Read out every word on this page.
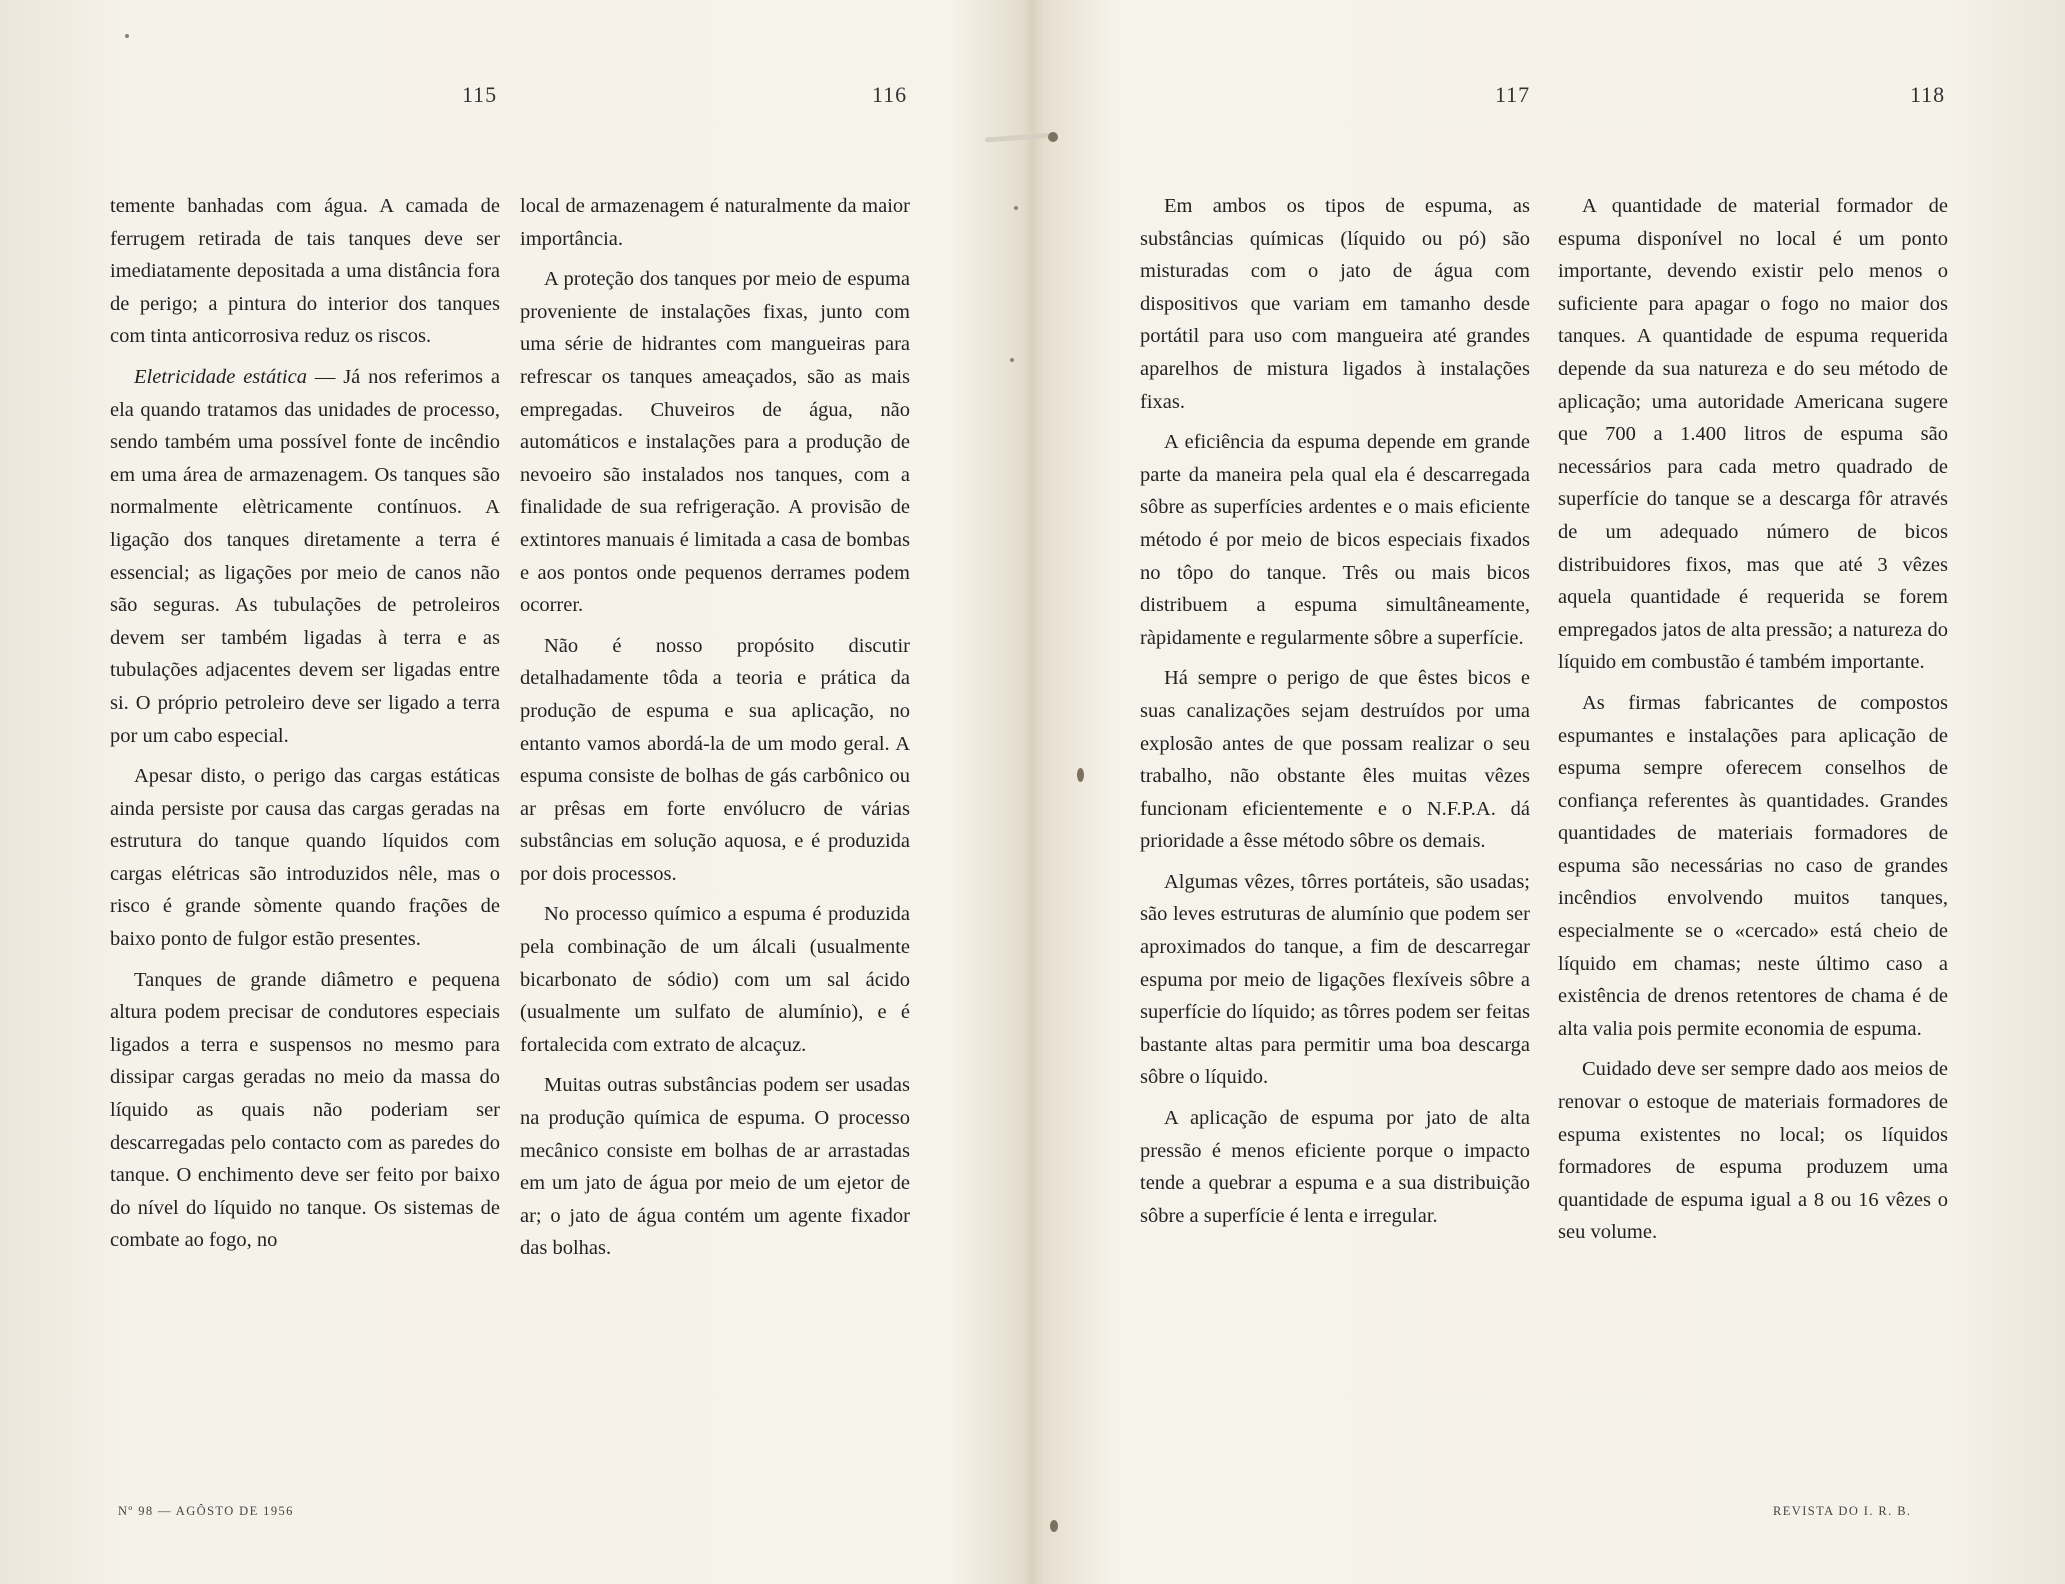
115	116

temente banhadas com água. A camada de ferrugem retirada de tais tanques deve ser imediatamente depositada a uma distância fora de perigo; a pintura do interior dos tanques com tinta anticorrosiva reduz os riscos.

Eletricidade estática — Já nos referimos a ela quando tratamos das unidades de processo, sendo também uma possível fonte de incêndio em uma área de armazenagem. Os tanques são normalmente elètricamente contínuos. A ligação dos tanques diretamente a terra é essencial; as ligações por meio de canos não são seguras. As tubulações de petroleiros devem ser também ligadas à terra e as tubulações adjacentes devem ser ligadas entre si. O próprio petroleiro deve ser ligado a terra por um cabo especial.

Apesar disto, o perigo das cargas estáticas ainda persiste por causa das cargas geradas na estrutura do tanque quando líquidos com cargas elétricas são introduzidos nêle, mas o risco é grande sòmente quando frações de baixo ponto de fulgor estão presentes.

Tanques de grande diâmetro e pequena altura podem precisar de condutores especiais ligados a terra e suspensos no mesmo para dissipar cargas geradas no meio da massa do líquido as quais não poderiam ser descarregadas pelo contacto com as paredes do tanque. O enchimento deve ser feito por baixo do nível do líquido no tanque. Os sistemas de combate ao fogo, no

local de armazenagem é naturalmente da maior importância.

A proteção dos tanques por meio de espuma proveniente de instalações fixas, junto com uma série de hidrantes com mangueiras para refrescar os tanques ameaçados, são as mais empregadas. Chuveiros de água, não automáticos e instalações para a produção de nevoeiro são instalados nos tanques, com a finalidade de sua refrigeração. A provisão de extintores manuais é limitada a casa de bombas e aos pontos onde pequenos derrames podem ocorrer.

Não é nosso propósito discutir detalhadamente tôda a teoria e prática da produção de espuma e sua aplicação, no entanto vamos abordá-la de um modo geral. A espuma consiste de bolhas de gás carbônico ou ar prêsas em forte envólucro de várias substâncias em solução aquosa, e é produzida por dois processos.

No processo químico a espuma é produzida pela combinação de um álcali (usualmente bicarbonato de sódio) com um sal ácido (usualmente um sulfato de alumínio), e é fortalecida com extrato de alcaçuz.

Muitas outras substâncias podem ser usadas na produção química de espuma. O processo mecânico consiste em bolhas de ar arrastadas em um jato de água por meio de um ejetor de ar; o jato de água contém um agente fixador das bolhas.

Nº 98 — AGÔSTO DE 1956
117	118

Em ambos os tipos de espuma, as substâncias químicas (líquido ou pó) são misturadas com o jato de água com dispositivos que variam em tamanho desde portátil para uso com mangueira até grandes aparelhos de mistura ligados à instalações fixas.

A eficiência da espuma depende em grande parte da maneira pela qual ela é descarregada sôbre as superfícies ardentes e o mais eficiente método é por meio de bicos especiais fixados no tôpo do tanque. Três ou mais bicos distribuem a espuma simultâneamente, ràpidamente e regularmente sôbre a superfície.

Há sempre o perigo de que êstes bicos e suas canalizações sejam destruídos por uma explosão antes de que possam realizar o seu trabalho, não obstante êles muitas vêzes funcionam eficientemente e o N.F.P.A. dá prioridade a êsse método sôbre os demais.

Algumas vêzes, tôrres portáteis, são usadas; são leves estruturas de alumínio que podem ser aproximados do tanque, a fim de descarregar espuma por meio de ligações flexíveis sôbre a superfície do líquido; as tôrres podem ser feitas bastante altas para permitir uma boa descarga sôbre o líquido.

A aplicação de espuma por jato de alta pressão é menos eficiente porque o impacto tende a quebrar a espuma e a sua distribuição sôbre a superfície é lenta e irregular.

A quantidade de material formador de espuma disponível no local é um ponto importante, devendo existir pelo menos o suficiente para apagar o fogo no maior dos tanques. A quantidade de espuma requerida depende da sua natureza e do seu método de aplicação; uma autoridade Americana sugere que 700 a 1.400 litros de espuma são necessários para cada metro quadrado de superfície do tanque se a descarga fôr através de um adequado número de bicos distribuidores fixos, mas que até 3 vêzes aquela quantidade é requerida se forem empregados jatos de alta pressão; a natureza do líquido em combustão é também importante.

As firmas fabricantes de compostos espumantes e instalações para aplicação de espuma sempre oferecem conselhos de confiança referentes às quantidades. Grandes quantidades de materiais formadores de espuma são necessárias no caso de grandes incêndios envolvendo muitos tanques, especialmente se o «cercado» está cheio de líquido em chamas; neste último caso a existência de drenos retentores de chama é de alta valia pois permite economia de espuma.

Cuidado deve ser sempre dado aos meios de renovar o estoque de materiais formadores de espuma existentes no local; os líquidos formadores de espuma produzem uma quantidade de espuma igual a 8 ou 16 vêzes o seu volume.

REVISTA DO I. R. B.
